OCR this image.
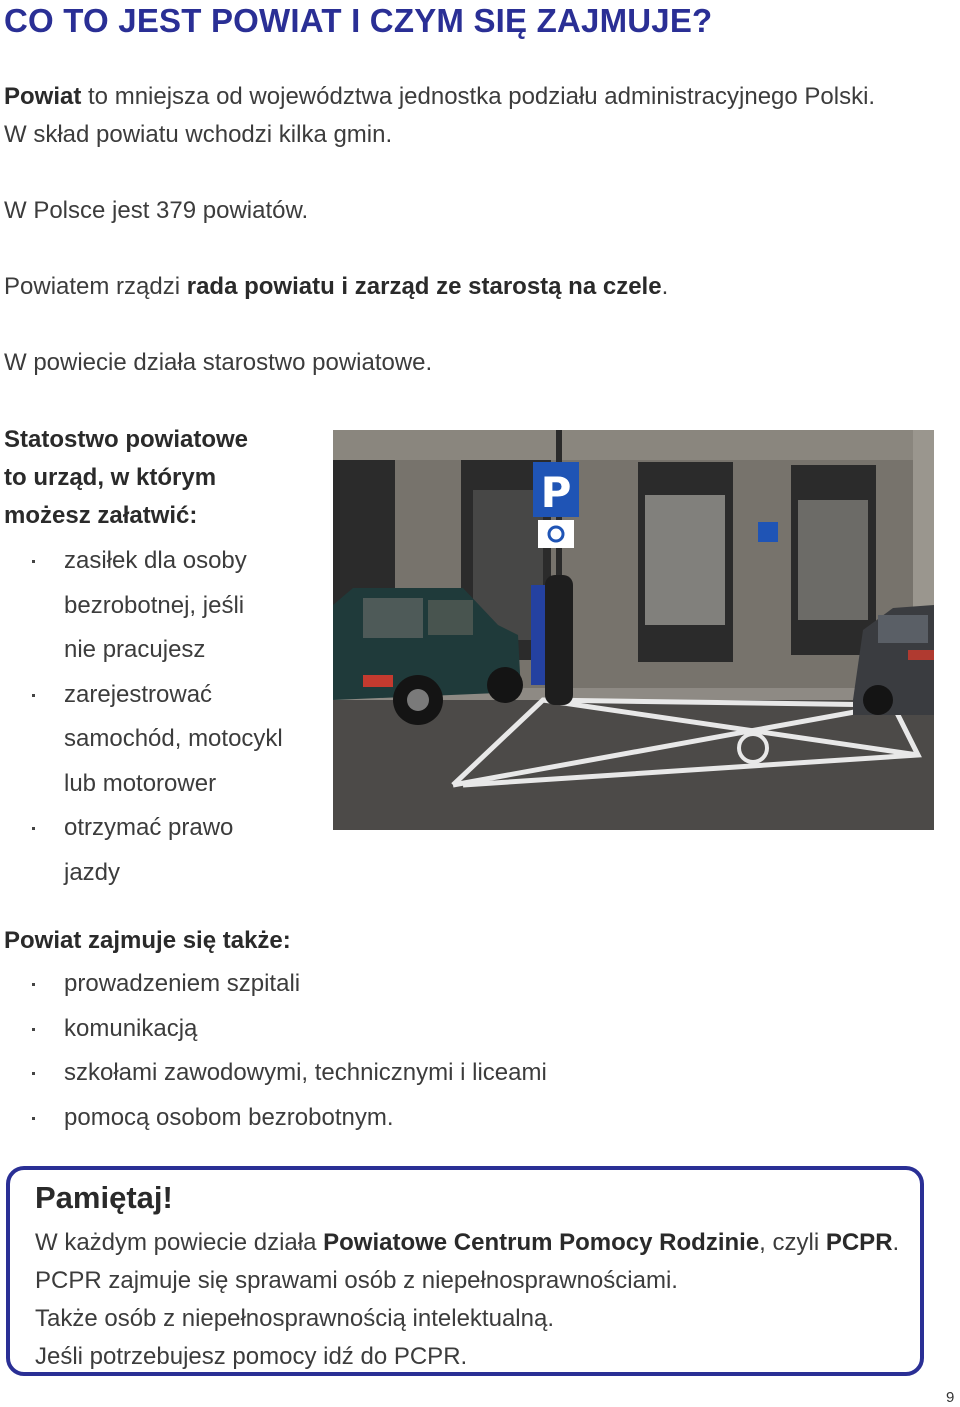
CO TO JEST POWIAT I CZYM SIĘ ZAJMUJE?

Powiat to mniejsza od województwa jednostka podziału administracyjnego Polski.
W skład powiatu wchodzi kilka gmin.

W Polsce jest 379 powiatów.

Powiatem rządzi rada powiatu i zarząd ze starostą na czele.

W powiecie działa starostwo powiatowe.

Statostwo powiatowe
to urząd, w którym
możesz załatwić:

zasiłek dla osoby
bezrobotnej, jeśli
nie pracujesz
zarejestrować
samochód, motocykl
lub motorower
otrzymać prawo
jazdy
P

Powiat zajmuje się także:

prowadzeniem szpitali
komunikacją
szkołami zawodowymi, technicznymi i liceami
pomocą osobom bezrobotnym.

Pamiętaj!

W każdym powiecie działa Powiatowe Centrum Pomocy Rodzinie, czyli PCPR.
PCPR zajmuje się sprawami osób z niepełnosprawnościami.
Także osób z niepełnosprawnością intelektualną.
Jeśli potrzebujesz pomocy idź do PCPR.
9
